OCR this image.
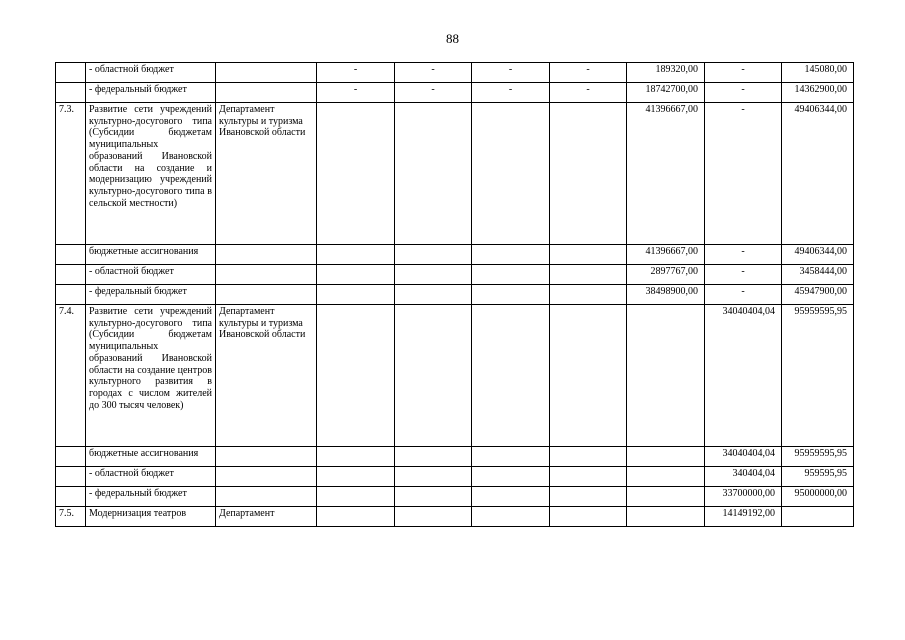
88
	- областной бюджет		-	-	-	-	189320,00	-	145080,00
	- федеральный бюджет		-	-	-	-	18742700,00	-	14362900,00
7.3.	Развитие сети учреждений культурно-досугового типа (Субсидии бюджетам муниципальных образований Ивановской области на создание и модернизацию учреждений культурно-досугового типа в сельской местности)	Департамент культуры и туризма Ивановской области					41396667,00	-	49406344,00
	бюджетные ассигнования						41396667,00	-	49406344,00
	- областной бюджет						2897767,00	-	3458444,00
	- федеральный бюджет						38498900,00	-	45947900,00
7.4.	Развитие сети учреждений культурно-досугового типа (Субсидии бюджетам муниципальных образований Ивановской области на создание центров культурного развития в городах с числом жителей до 300 тысяч человек)	Департамент культуры и туризма Ивановской области						34040404,04	95959595,95
	бюджетные ассигнования							34040404,04	95959595,95
	- областной бюджет							340404,04	959595,95
	- федеральный бюджет							33700000,00	95000000,00
7.5.	Модернизация театров	Департамент						14149192,00	
